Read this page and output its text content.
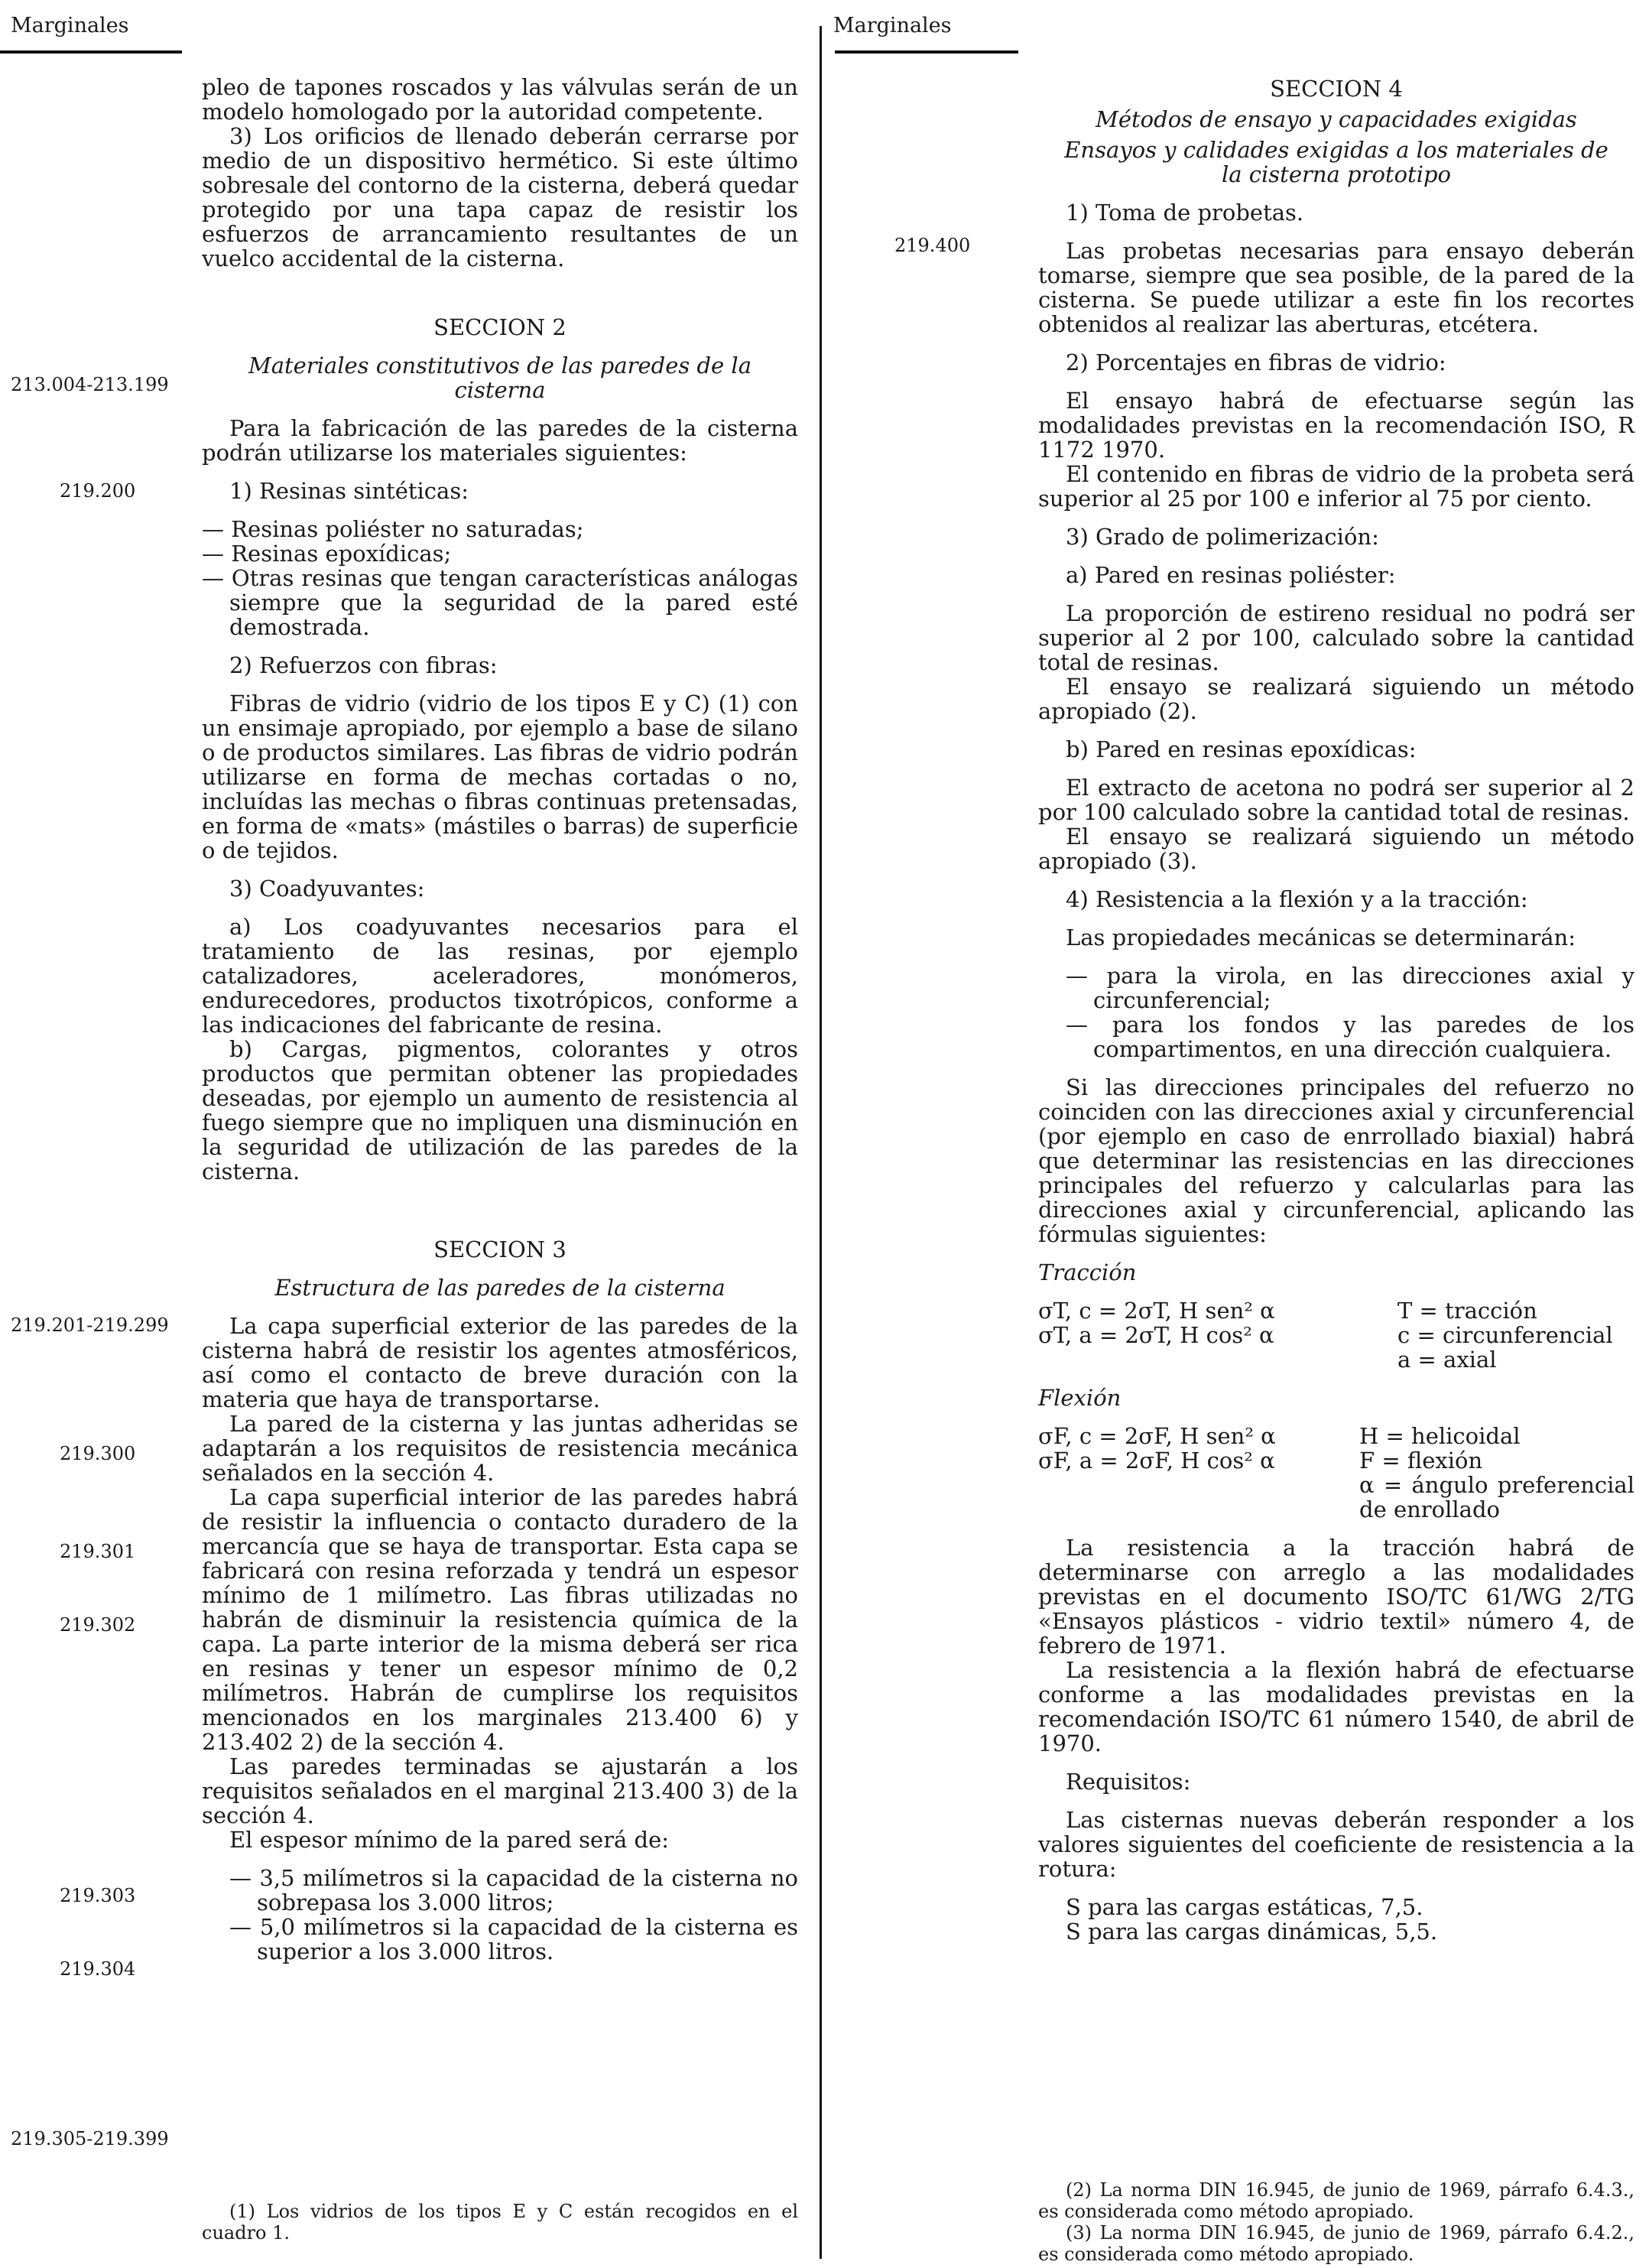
Marginales	Marginales
213.004-213.199
219.200
219.201-219.299
219.300
219.301
219.302
219.303
219.304
219.305-219.399
219.400

pleo de tapones roscados y las válvulas serán de un modelo homologado por la autoridad competente.

3) Los orificios de llenado deberán cerrarse por medio de un dispositivo hermético. Si este último sobresale del contorno de la cisterna, deberá quedar protegido por una tapa capaz de resistir los esfuerzos de arrancamiento resultantes de un vuelco accidental de la cisterna.

SECCION 2

Materiales constitutivos de las paredes de la cisterna

Para la fabricación de las paredes de la cisterna podrán utilizarse los materiales siguientes:

1) Resinas sintéticas:

— Resinas poliéster no saturadas;

— Resinas epoxídicas;

— Otras resinas que tengan características análogas siempre que la seguridad de la pared esté demostrada.

2) Refuerzos con fibras:

Fibras de vidrio (vidrio de los tipos E y C) (1) con un ensimaje apropiado, por ejemplo a base de silano o de productos similares. Las fibras de vidrio podrán utilizarse en forma de mechas cortadas o no, incluídas las mechas o fibras continuas pretensadas, en forma de «mats» (mástiles o barras) de superficie o de tejidos.

3) Coadyuvantes:

a) Los coadyuvantes necesarios para el tratamiento de las resinas, por ejemplo catalizadores, aceleradores, monómeros, endurecedores, productos tixotrópicos, conforme a las indicaciones del fabricante de resina.

b) Cargas, pigmentos, colorantes y otros productos que permitan obtener las propiedades deseadas, por ejemplo un aumento de resistencia al fuego siempre que no impliquen una disminución en la seguridad de utilización de las paredes de la cisterna.

SECCION 3

Estructura de las paredes de la cisterna

La capa superficial exterior de las paredes de la cisterna habrá de resistir los agentes atmosféricos, así como el contacto de breve duración con la materia que haya de transportarse.

La pared de la cisterna y las juntas adheridas se adaptarán a los requisitos de resistencia mecánica señalados en la sección 4.

La capa superficial interior de las paredes habrá de resistir la influencia o contacto duradero de la mercancía que se haya de transportar. Esta capa se fabricará con resina reforzada y tendrá un espesor mínimo de 1 milímetro. Las fibras utilizadas no habrán de disminuir la resistencia química de la capa. La parte interior de la misma deberá ser rica en resinas y tener un espesor mínimo de 0,2 milímetros. Habrán de cumplirse los requisitos mencionados en los marginales 213.400 6) y 213.402 2) de la sección 4.

Las paredes terminadas se ajustarán a los requisitos señalados en el marginal 213.400 3) de la sección 4.

El espesor mínimo de la pared será de:

— 3,5 milímetros si la capacidad de la cisterna no sobrepasa los 3.000 litros;

— 5,0 milímetros si la capacidad de la cisterna es superior a los 3.000 litros.

(1) Los vidrios de los tipos E y C están recogidos en el cuadro 1.

SECCION 4

Métodos de ensayo y capacidades exigidas

Ensayos y calidades exigidas a los materiales de la cisterna prototipo

1) Toma de probetas.

Las probetas necesarias para ensayo deberán tomarse, siempre que sea posible, de la pared de la cisterna. Se puede utilizar a este fin los recortes obtenidos al realizar las aberturas, etcétera.

2) Porcentajes en fibras de vidrio:

El ensayo habrá de efectuarse según las modalidades previstas en la recomendación ISO, R 1172 1970.

El contenido en fibras de vidrio de la probeta será superior al 25 por 100 e inferior al 75 por ciento.

3) Grado de polimerización:

a) Pared en resinas poliéster:

La proporción de estireno residual no podrá ser superior al 2 por 100, calculado sobre la cantidad total de resinas.

El ensayo se realizará siguiendo un método apropiado (2).

b) Pared en resinas epoxídicas:

El extracto de acetona no podrá ser superior al 2 por 100 calculado sobre la cantidad total de resinas.

El ensayo se realizará siguiendo un método apropiado (3).

4) Resistencia a la flexión y a la tracción:

Las propiedades mecánicas se determinarán:

— para la virola, en las direcciones axial y circunferencial;

— para los fondos y las paredes de los compartimentos, en una dirección cualquiera.

Si las direcciones principales del refuerzo no coinciden con las direcciones axial y circunferencial (por ejemplo en caso de enrrollado biaxial) habrá que determinar las resistencias en las direcciones principales del refuerzo y calcularlas para las direcciones axial y circunferencial, aplicando las fórmulas siguientes:

Tracción

σT, c = 2σT, H sen² α	T = tracción
σT, a = 2σT, H cos² α	c = circunferencial
a = axial

Flexión

σF, c = 2σF, H sen² α	H = helicoidal
σF, a = 2σF, H cos² α	F = flexión
α = ángulo preferencial de enrollado

La resistencia a la tracción habrá de determinarse con arreglo a las modalidades previstas en el documento ISO/TC 61/WG 2/TG «Ensayos plásticos - vidrio textil» número 4, de febrero de 1971.

La resistencia a la flexión habrá de efectuarse conforme a las modalidades previstas en la recomendación ISO/TC 61 número 1540, de abril de 1970.

Requisitos:

Las cisternas nuevas deberán responder a los valores siguientes del coeficiente de resistencia a la rotura:

S para las cargas estáticas, 7,5.

S para las cargas dinámicas, 5,5.

(2) La norma DIN 16.945, de junio de 1969, párrafo 6.4.3., es considerada como método apropiado.

(3) La norma DIN 16.945, de junio de 1969, párrafo 6.4.2., es considerada como método apropiado.
